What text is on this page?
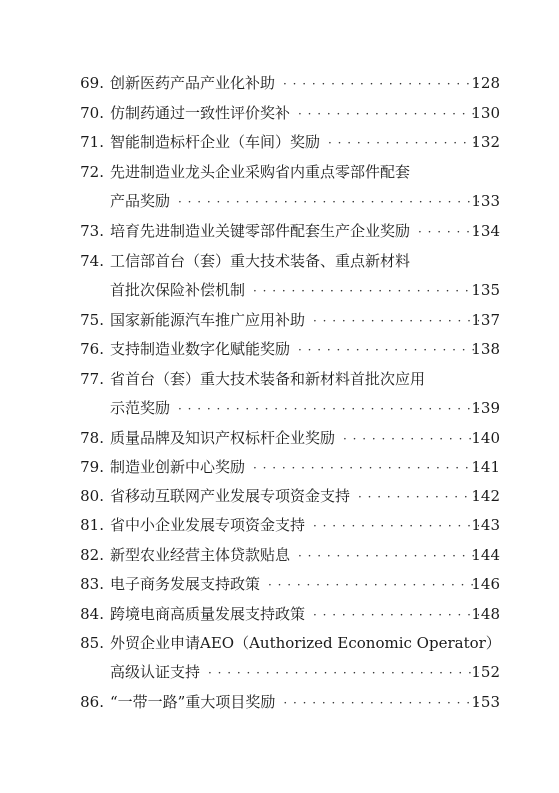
69. 创新医药产品产业化补助 · · ·	128
70. 仿制药通过一致性评价奖补 · · ·	130
71. 智能制造标杆企业（车间）奖励 · · ·	132
72. 先进制造业龙头企业采购省内重点零部件配套
产品奖励 · · ·	133
73. 培育先进制造业关键零部件配套生产企业奖励 · · ·	134
74. 工信部首台（套）重大技术装备、重点新材料
首批次保险补偿机制 · · ·	135
75. 国家新能源汽车推广应用补助 · · ·	137
76. 支持制造业数字化赋能奖励 · · ·	138
77. 省首台（套）重大技术装备和新材料首批次应用
示范奖励 · · ·	139
78. 质量品牌及知识产权标杆企业奖励 · · ·	140
79. 制造业创新中心奖励 · · ·	141
80. 省移动互联网产业发展专项资金支持 · · ·	142
81. 省中小企业发展专项资金支持 · · ·	143
82. 新型农业经营主体贷款贴息 · · ·	144
83. 电子商务发展支持政策 · · ·	146
84. 跨境电商高质量发展支持政策 · · ·	148
85. 外贸企业申请AEO（Authorized Economic Operator）
高级认证支持 · · ·	152
86. “一带一路”重大项目奖励 · · ·	153
